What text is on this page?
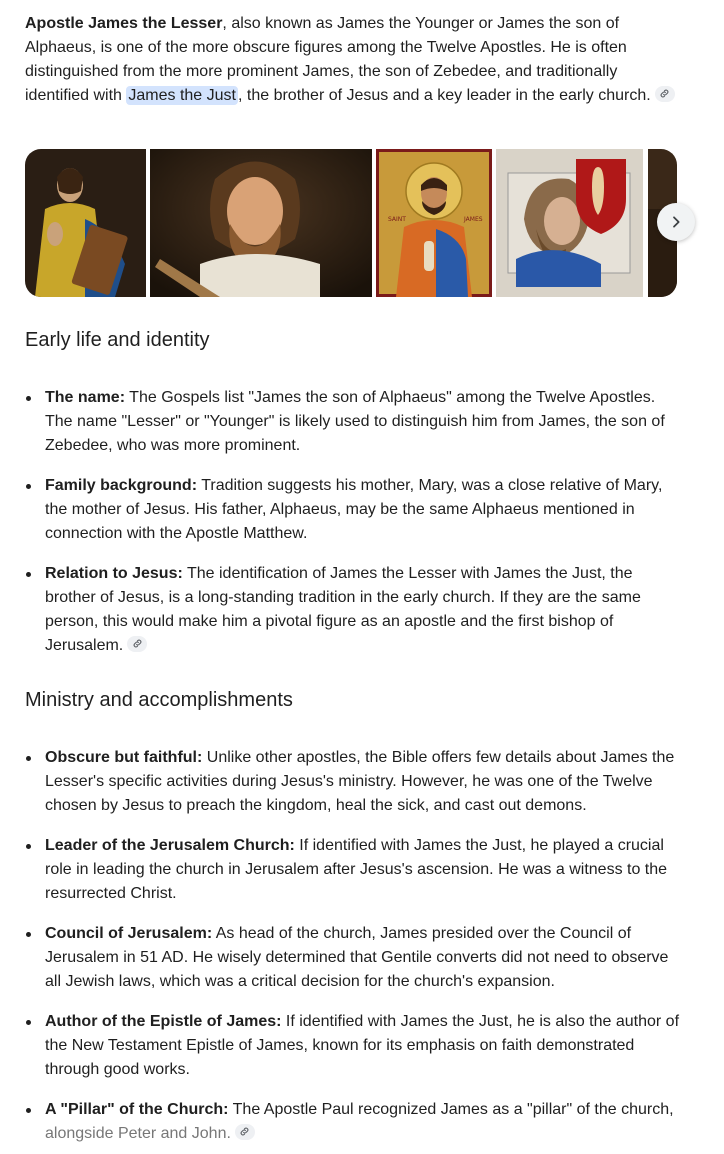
Apostle James the Lesser, also known as James the Younger or James the son of Alphaeus, is one of the more obscure figures among the Twelve Apostles. He is often distinguished from the more prominent James, the son of Zebedee, and traditionally identified with James the Just , the brother of Jesus and a key leader in the early church.

SAINT	JAMES
Early life and identity
The name: The Gospels list "James the son of Alphaeus" among the Twelve Apostles. The name "Lesser" or "Younger" is likely used to distinguish him from James, the son of Zebedee, who was more prominent.
Family background: Tradition suggests his mother, Mary, was a close relative of Mary, the mother of Jesus. His father, Alphaeus, may be the same Alphaeus mentioned in connection with the Apostle Matthew.
Relation to Jesus: The identification of James the Lesser with James the Just, the brother of Jesus, is a long-standing tradition in the early church. If they are the same person, this would make him a pivotal figure as an apostle and the first bishop of Jerusalem.
Ministry and accomplishments
Obscure but faithful: Unlike other apostles, the Bible offers few details about James the Lesser's specific activities during Jesus's ministry. However, he was one of the Twelve chosen by Jesus to preach the kingdom, heal the sick, and cast out demons.
Leader of the Jerusalem Church: If identified with James the Just, he played a crucial role in leading the church in Jerusalem after Jesus's ascension. He was a witness to the resurrected Christ.
Council of Jerusalem: As head of the church, James presided over the Council of Jerusalem in 51 AD. He wisely determined that Gentile converts did not need to observe all Jewish laws, which was a critical decision for the church's expansion.
Author of the Epistle of James: If identified with James the Just, he is also the author of the New Testament Epistle of James, known for its emphasis on faith demonstrated through good works.
A "Pillar" of the Church: The Apostle Paul recognized James as a "pillar" of the church, alongside Peter and John.
